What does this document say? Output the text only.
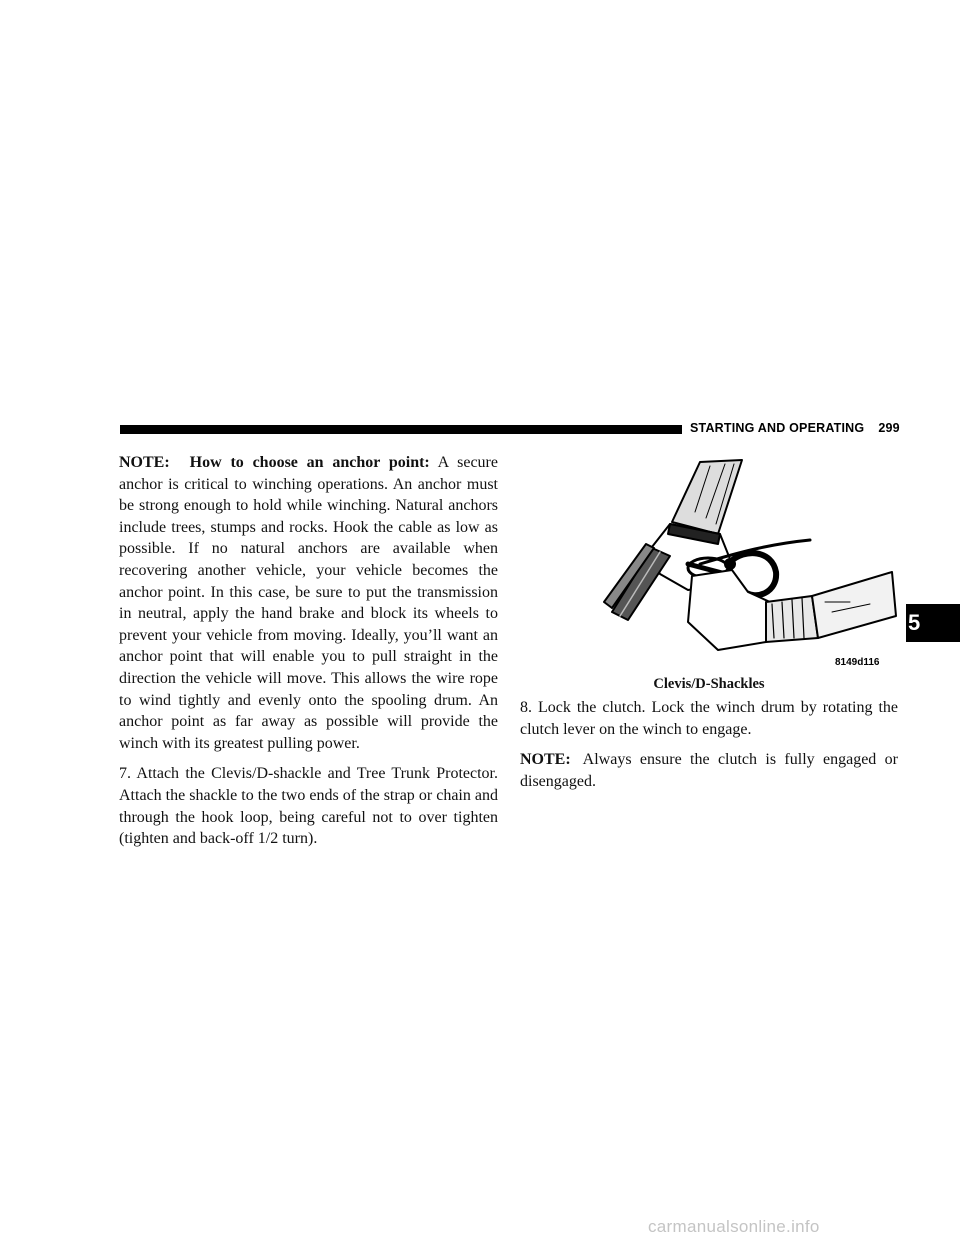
STARTING AND OPERATING 299

NOTE: How to choose an anchor point: A secure anchor is critical to winching operations. An anchor must be strong enough to hold while winching. Natural anchors include trees, stumps and rocks. Hook the cable as low as possible. If no natural anchors are available when recovering another vehicle, your vehicle becomes the anchor point. In this case, be sure to put the transmission in neutral, apply the hand brake and block its wheels to prevent your vehicle from moving. Ideally, you’ll want an anchor point that will enable you to pull straight in the direction the vehicle will move. This allows the wire rope to wind tightly and evenly onto the spooling drum. An anchor point as far away as possible will provide the winch with its greatest pulling power.

7. Attach the Clevis/D-shackle and Tree Trunk Protector. Attach the shackle to the two ends of the strap or chain and through the hook loop, being careful not to over tighten (tighten and back-off 1/2 turn).

8149d116
Clevis/D-Shackles

8. Lock the clutch. Lock the winch drum by rotating the clutch lever on the winch to engage.

NOTE: Always ensure the clutch is fully engaged or disengaged.

5
carmanualsonline.info
